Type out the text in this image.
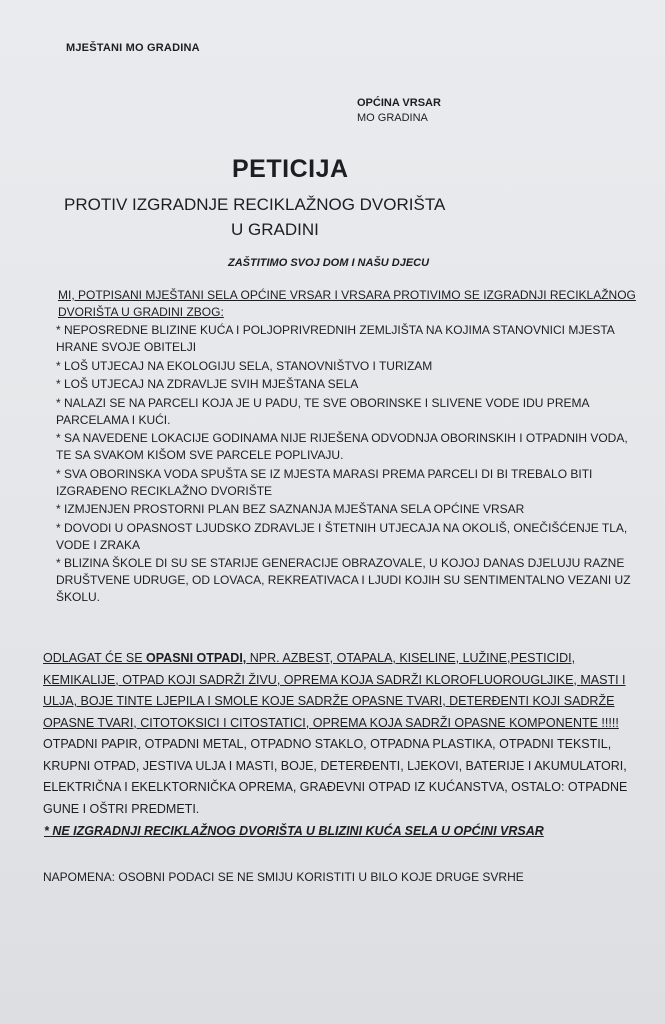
MJEŠTANI MO GRADINA
OPĆINA VRSAR
MO GRADINA
PETICIJA
PROTIV IZGRADNJE RECIKLAŽNOG DVORIŠTA
U GRADINI
ZAŠTITIMO SVOJ DOM I NAŠU DJECU
MI, POTPISANI MJEŠTANI SELA OPĆINE VRSAR I VRSARA PROTIVIMO SE IZGRADNJI RECIKLAŽNOG DVORIŠTA U GRADINI ZBOG:
* NEPOSREDNE BLIZINE KUĆA I POLJOPRIVREDNIH ZEMLJIŠTA NA KOJIMA STANOVNICI MJESTA HRANE SVOJE OBITELJI
* LOŠ UTJECAJ NA EKOLOGIJU SELA, STANOVNIŠTVO I TURIZAM
* LOŠ UTJECAJ NA ZDRAVLJE SVIH MJEŠTANA SELA
* NALAZI SE NA PARCELI KOJA JE U PADU, TE SVE OBORINSKE I SLIVENE VODE IDU PREMA PARCELAMA I KUĆI.
* SA NAVEDENE LOKACIJE GODINAMA NIJE RIJEŠENA ODVODNJA OBORINSKIH I OTPADNIH VODA, TE SA SVAKOM KIŠOM SVE PARCELE POPLIVAJU.
* SVA OBORINSKA VODA SPUŠTA SE IZ MJESTA MARASI PREMA PARCELI DI BI TREBALO BITI IZGRAĐENO RECIKLAŽNO DVORIŠTE
* IZMJENJEN PROSTORNI PLAN BEZ SAZNANJA MJEŠTANA SELA OPĆINE VRSAR
* DOVODI U OPASNOST LJUDSKO ZDRAVLJE I ŠTETNIH UTJECAJA NA OKOLIŠ, ONEČIŠĆENJE TLA, VODE I ZRAKA
* BLIZINA ŠKOLE DI SU SE STARIJE GENERACIJE OBRAZOVALE, U KOJOJ DANAS DJELUJU RAZNE DRUŠTVENE UDRUGE, OD LOVACA, REKREATIVACA I LJUDI KOJIH SU SENTIMENTALNO VEZANI UZ ŠKOLU.
ODLAGAT ĆE SE OPASNI OTPADI, NPR. AZBEST, OTAPALA, KISELINE, LUŽINE,PESTICIDI, KEMIKALIJE, OTPAD KOJI SADRŽI ŽIVU, OPREMA KOJA SADRŽI KLOROFLUOROUGLJIKE, MASTI I ULJA, BOJE TINTE LJEPILA I SMOLE KOJE SADRŽE OPASNE TVARI, DETERĐENTI KOJI SADRŽE OPASNE TVARI, CITOTOKSICI I CITOSTATICI, OPREMA KOJA SADRŽI OPASNE KOMPONENTE !!!!! OTPADNI PAPIR, OTPADNI METAL, OTPADNO STAKLO, OTPADNA PLASTIKA, OTPADNI TEKSTIL, KRUPNI OTPAD, JESTIVA ULJA I MASTI, BOJE, DETERĐENTI, LJEKOVI, BATERIJE I AKUMULATORI, ELEKTRIČNA I EKELKTORNIČKA OPREMA, GRAĐEVNI OTPAD IZ KUĆANSTVA, OSTALO: OTPADNE GUNE I OŠTRI PREDMETI.
* NE IZGRADNJI RECIKLAŽNOG DVORIŠTA U BLIZINI KUĆA SELA U OPĆINI VRSAR
NAPOMENA: OSOBNI PODACI SE NE SMIJU KORISTITI U BILO KOJE DRUGE SVRHE
